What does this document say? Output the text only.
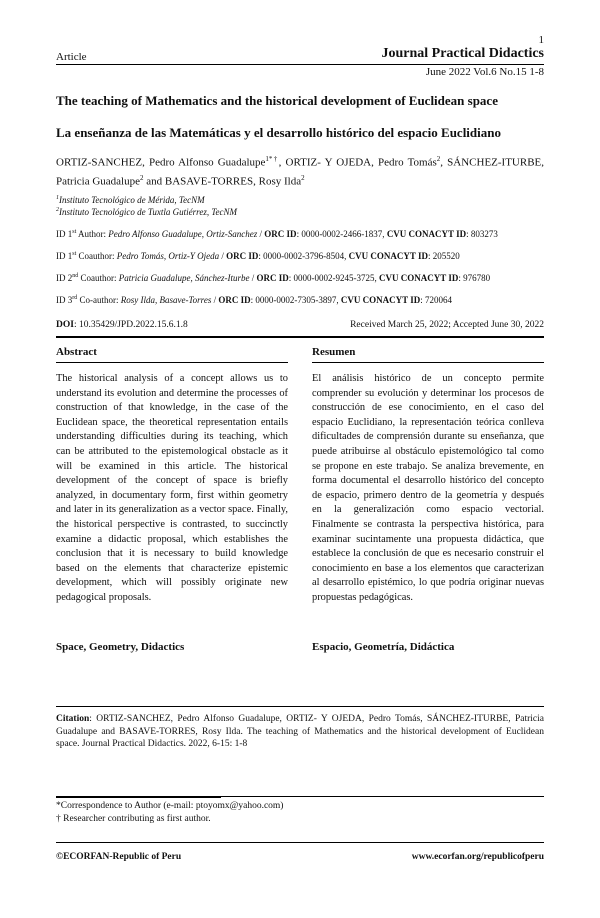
1
Article	Journal Practical Didactics
June 2022 Vol.6 No.15 1-8
The teaching of Mathematics and the historical development of Euclidean space
La enseñanza de las Matemáticas y el desarrollo histórico del espacio Euclidiano
ORTIZ-SANCHEZ, Pedro Alfonso Guadalupe$^{1*\dagger}$, ORTIZ- Y OJEDA, Pedro Tomás$^2$, SÁNCHEZ-ITURBE, Patricia Guadalupe$^2$ and BASAVE-TORRES, Rosy Ilda$^2$
$^1$Instituto Tecnológico de Mérida, TecNM
$^2$Instituto Tecnológico de Tuxtla Gutiérrez, TecNM
ID 1st Author: Pedro Alfonso Guadalupe, Ortiz-Sanchez / ORC ID: 0000-0002-2466-1837, CVU CONACYT ID: 803273
ID 1st Coauthor: Pedro Tomás, Ortiz-Y Ojeda / ORC ID: 0000-0002-3796-8504, CVU CONACYT ID: 205520
ID 2nd Coauthor: Patricia Guadalupe, Sánchez-Iturbe / ORC ID: 0000-0002-9245-3725, CVU CONACYT ID: 976780
ID 3rd Co-author: Rosy Ilda, Basave-Torres / ORC ID: 0000-0002-7305-3897, CVU CONACYT ID: 720064
DOI: 10.35429/JPD.2022.15.6.1.8	Received March 25, 2022; Accepted June 30, 2022
Abstract
The historical analysis of a concept allows us to understand its evolution and determine the processes of construction of that knowledge, in the case of the Euclidean space, the theoretical representation entails understanding difficulties during its teaching, which can be attributed to the epistemological obstacle as it will be examined in this article. The historical development of the concept of space is briefly analyzed, in documentary form, first within geometry and later in its generalization as a vector space. Finally, the historical perspective is contrasted, to succinctly examine a didactic proposal, which establishes the conclusion that it is necessary to build knowledge based on the elements that characterize epistemic development, which will possibly originate new pedagogical proposals.
Space, Geometry, Didactics
Resumen
El análisis histórico de un concepto permite comprender su evolución y determinar los procesos de construcción de ese conocimiento, en el caso del espacio Euclidiano, la representación teórica conlleva dificultades de comprensión durante su enseñanza, que puede atribuirse al obstáculo epistemológico tal como se propone en este trabajo. Se analiza brevemente, en forma documental el desarrollo histórico del concepto de espacio, primero dentro de la geometría y después en la generalización como espacio vectorial. Finalmente se contrasta la perspectiva histórica, para examinar sucintamente una propuesta didáctica, que establece la conclusión de que es necesario construir el conocimiento en base a los elementos que caracterizan al desarrollo epistémico, lo que podría originar nuevas propuestas pedagógicas.
Espacio, Geometría, Didáctica
Citation: ORTIZ-SANCHEZ, Pedro Alfonso Guadalupe, ORTIZ- Y OJEDA, Pedro Tomás, SÁNCHEZ-ITURBE, Patricia Guadalupe and BASAVE-TORRES, Rosy Ilda. The teaching of Mathematics and the historical development of Euclidean space. Journal Practical Didactics. 2022, 6-15: 1-8
*Correspondence to Author (e-mail: ptoyomx@yahoo.com)
† Researcher contributing as first author.
©ECORFAN-Republic of Peru	www.ecorfan.org/republicofperu
